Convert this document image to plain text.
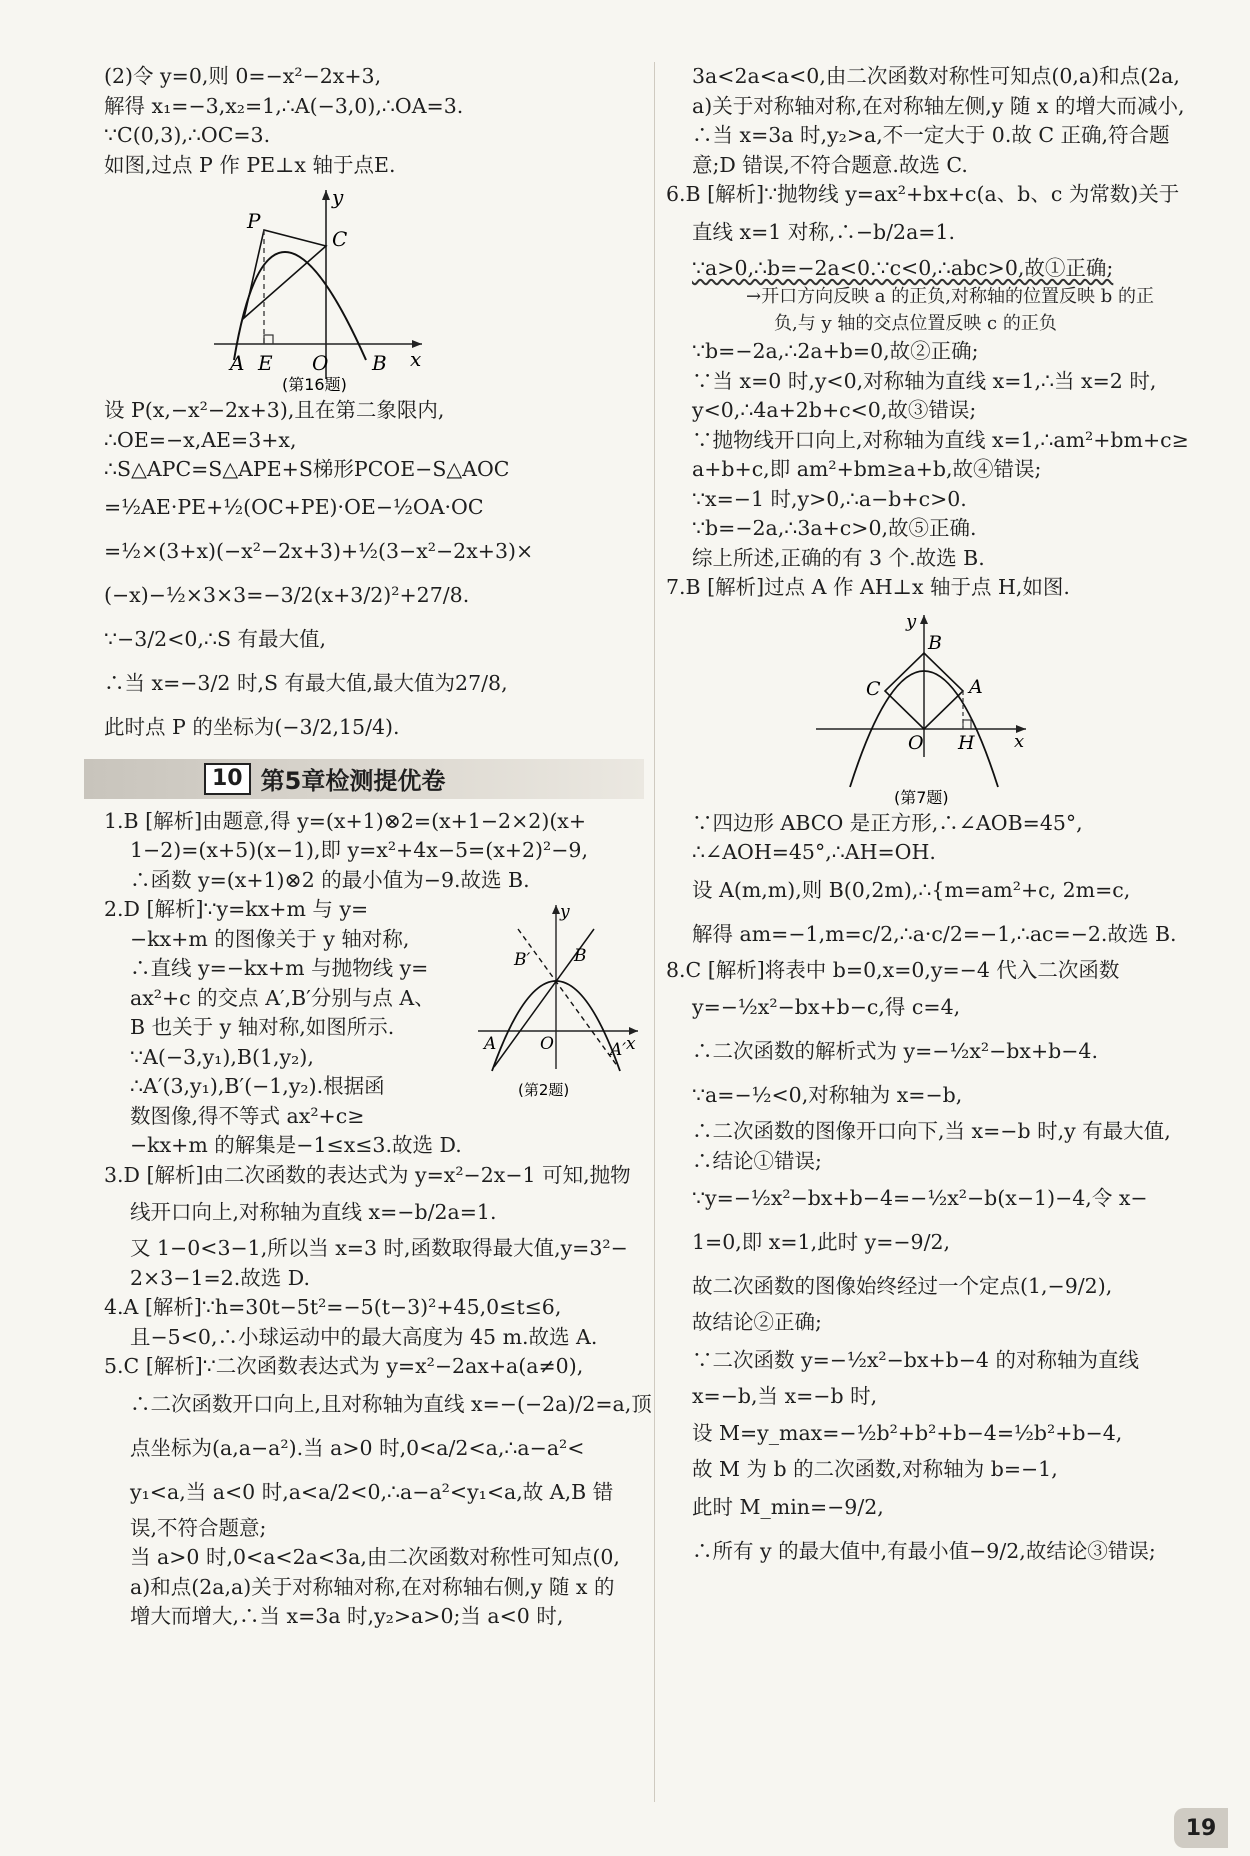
(2)令 y=0,则 0=−x²−2x+3,
解得 x₁=−3,x₂=1,∴A(−3,0),∴OA=3.
∵C(0,3),∴OC=3.
如图,过点 P 作 PE⊥x 轴于点E.
y
x
P
C
A E O B
(第16题)
设 P(x,−x²−2x+3),且在第二象限内,
∴OE=−x,AE=3+x,
∴S△APC=S△APE+S梯形PCOE−S△AOC
=½AE·PE+½(OC+PE)·OE−½OA·OC
=½×(3+x)(−x²−2x+3)+½(3−x²−2x+3)×
(−x)−½×3×3=−3/2(x+3/2)²+27/8.
∵−3/2<0,∴S 有最大值,
∴当 x=−3/2 时,S 有最大值,最大值为27/8,
此时点 P 的坐标为(−3/2,15/4).
10 第5章检测提优卷
1.B [解析]由题意,得 y=(x+1)⊗2=(x+1−2×2)(x+
1−2)=(x+5)(x−1),即 y=x²+4x−5=(x+2)²−9,
∴函数 y=(x+1)⊗2 的最小值为−9.故选 B.
2.D [解析]∵y=kx+m 与 y=
−kx+m 的图像关于 y 轴对称,
∴直线 y=−kx+m 与抛物线 y=
ax²+c 的交点 A′,B′分别与点 A、
B 也关于 y 轴对称,如图所示.
∵A(−3,y₁),B(1,y₂),
∴A′(3,y₁),B′(−1,y₂).根据函
数图像,得不等式 ax²+c≥
−kx+m 的解集是−1≤x≤3.故选 D.
y
x
O
A	A′
B
B′
(第2题)
3.D [解析]由二次函数的表达式为 y=x²−2x−1 可知,抛物
线开口向上,对称轴为直线 x=−b/2a=1.
又 1−0<3−1,所以当 x=3 时,函数取得最大值,y=3²−
2×3−1=2.故选 D.
4.A [解析]∵h=30t−5t²=−5(t−3)²+45,0≤t≤6,
且−5<0,∴小球运动中的最大高度为 45 m.故选 A.
5.C [解析]∵二次函数表达式为 y=x²−2ax+a(a≠0),
∴二次函数开口向上,且对称轴为直线 x=−(−2a)/2=a,顶
点坐标为(a,a−a²).当 a>0 时,0<a/2<a,∴a−a²<
y₁<a,当 a<0 时,a<a/2<0,∴a−a²<y₁<a,故 A,B 错
误,不符合题意;
当 a>0 时,0<a<2a<3a,由二次函数对称性可知点(0,
a)和点(2a,a)关于对称轴对称,在对称轴右侧,y 随 x 的
增大而增大,∴当 x=3a 时,y₂>a>0;当 a<0 时,
3a<2a<a<0,由二次函数对称性可知点(0,a)和点(2a,
a)关于对称轴对称,在对称轴左侧,y 随 x 的增大而减小,
∴当 x=3a 时,y₂>a,不一定大于 0.故 C 正确,符合题
意;D 错误,不符合题意.故选 C.
6.B [解析]∵抛物线 y=ax²+bx+c(a、b、c 为常数)关于
直线 x=1 对称,∴−b/2a=1.
∵a>0,∴b=−2a<0.∵c<0,∴abc>0,故①正确;
→开口方向反映 a 的正负,对称轴的位置反映 b 的正
负,与 y 轴的交点位置反映 c 的正负
∵b=−2a,∴2a+b=0,故②正确;
∵当 x=0 时,y<0,对称轴为直线 x=1,∴当 x=2 时,
y<0,∴4a+2b+c<0,故③错误;
∵抛物线开口向上,对称轴为直线 x=1,∴am²+bm+c≥
a+b+c,即 am²+bm≥a+b,故④错误;
∵x=−1 时,y>0,∴a−b+c>0.
∵b=−2a,∴3a+c>0,故⑤正确.
综上所述,正确的有 3 个.故选 B.
7.B [解析]过点 A 作 AH⊥x 轴于点 H,如图.
y
x
B
C	A
O H
(第7题)
∵四边形 ABCO 是正方形,∴∠AOB=45°,
∴∠AOH=45°,∴AH=OH.
设 A(m,m),则 B(0,2m),∴{m=am²+c, 2m=c,
解得 am=−1,m=c/2,∴a·c/2=−1,∴ac=−2.故选 B.
8.C [解析]将表中 b=0,x=0,y=−4 代入二次函数
y=−½x²−bx+b−c,得 c=4,
∴二次函数的解析式为 y=−½x²−bx+b−4.
∵a=−½<0,对称轴为 x=−b,
∴二次函数的图像开口向下,当 x=−b 时,y 有最大值,
∴结论①错误;
∵y=−½x²−bx+b−4=−½x²−b(x−1)−4,令 x−
1=0,即 x=1,此时 y=−9/2,
故二次函数的图像始终经过一个定点(1,−9/2),
故结论②正确;
∵二次函数 y=−½x²−bx+b−4 的对称轴为直线
x=−b,当 x=−b 时,
设 M=y_max=−½b²+b²+b−4=½b²+b−4,
故 M 为 b 的二次函数,对称轴为 b=−1,
此时 M_min=−9/2,
∴所有 y 的最大值中,有最小值−9/2,故结论③错误;
19
